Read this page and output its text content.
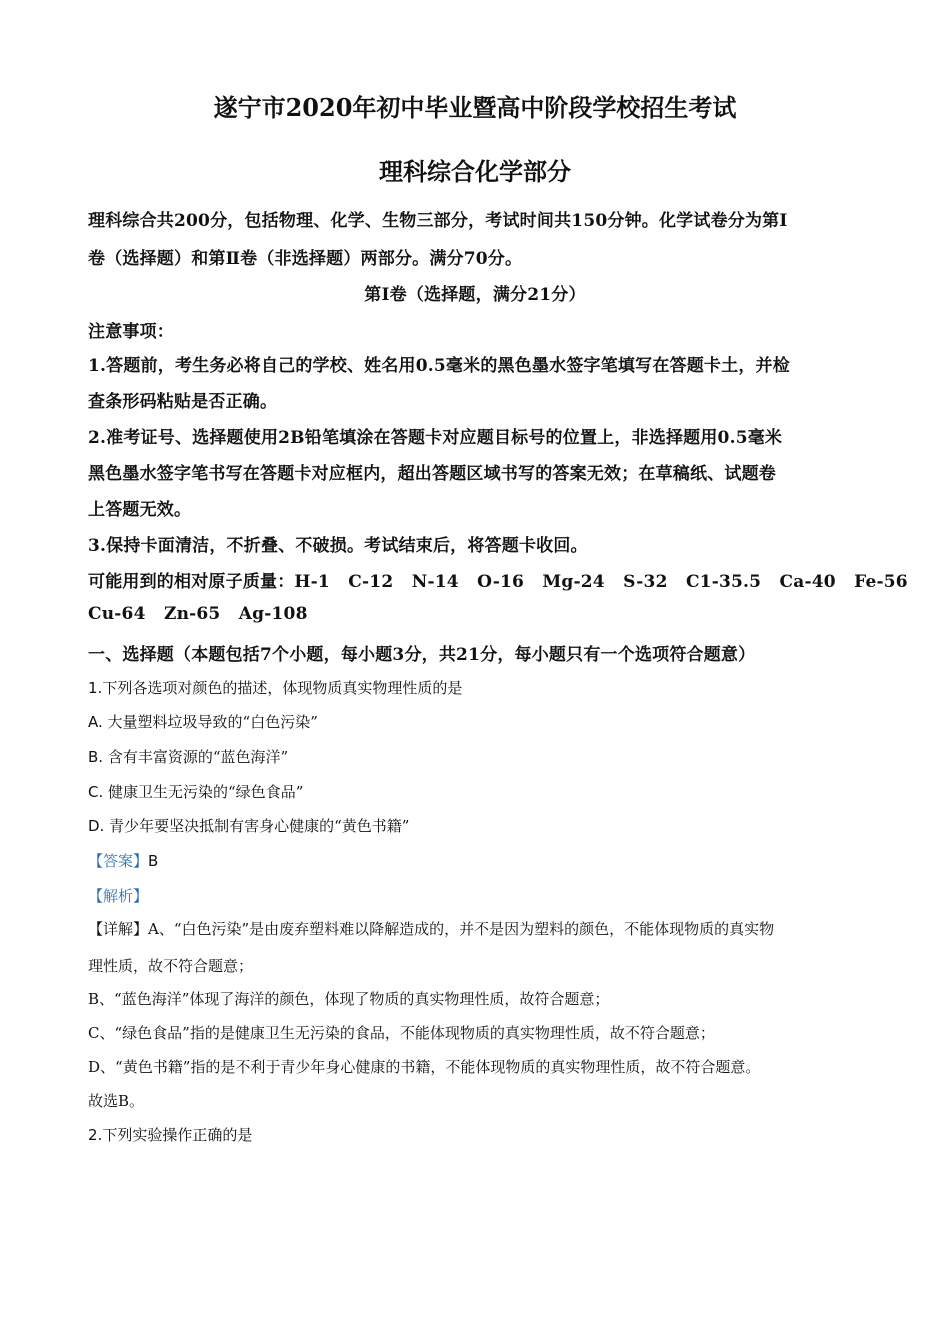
遂宁市2020年初中毕业暨高中阶段学校招生考试
理科综合化学部分
理科综合共200分，包括物理、化学、生物三部分，考试时间共150分钟。化学试卷分为第I
卷（选择题）和第Ⅱ卷（非选择题）两部分。满分70分。
第I卷（选择题，满分21分）
注意事项：
1.答题前，考生务必将自己的学校、姓名用0.5毫米的黑色墨水签字笔填写在答题卡土，并检
查条形码粘贴是否正确。
2.准考证号、选择题使用2B铅笔填涂在答题卡对应题目标号的位置上，非选择题用0.5毫米
黑色墨水签字笔书写在答题卡对应框内，超出答题区域书写的答案无效；在草稿纸、试题卷
上答题无效。
3.保持卡面清洁，不折叠、不破损。考试结束后，将答题卡收回。
可能用到的相对原子质量：H-1   C-12   N-14   O-16   Mg-24   S-32   C1-35.5   Ca-40   Fe-56
Cu-64   Zn-65   Ag-108
一、选择题（本题包括7个小题，每小题3分，共21分，每小题只有一个选项符合题意）
1.下列各选项对颜色的描述，体现物质真实物理性质的是
A. 大量塑料垃圾导致的“白色污染”
B. 含有丰富资源的“蓝色海洋”
C. 健康卫生无污染的“绿色食品”
D. 青少年要坚决抵制有害身心健康的“黄色书籍”
【答案】B
【解析】
【详解】A、“白色污染”是由废弃塑料难以降解造成的，并不是因为塑料的颜色，不能体现物质的真实物
理性质，故不符合题意；
B、“蓝色海洋”体现了海洋的颜色，体现了物质的真实物理性质，故符合题意；
C、“绿色食品”指的是健康卫生无污染的食品，不能体现物质的真实物理性质，故不符合题意；
D、“黄色书籍”指的是不利于青少年身心健康的书籍，不能体现物质的真实物理性质，故不符合题意。
故选B。
2.下列实验操作正确的是
